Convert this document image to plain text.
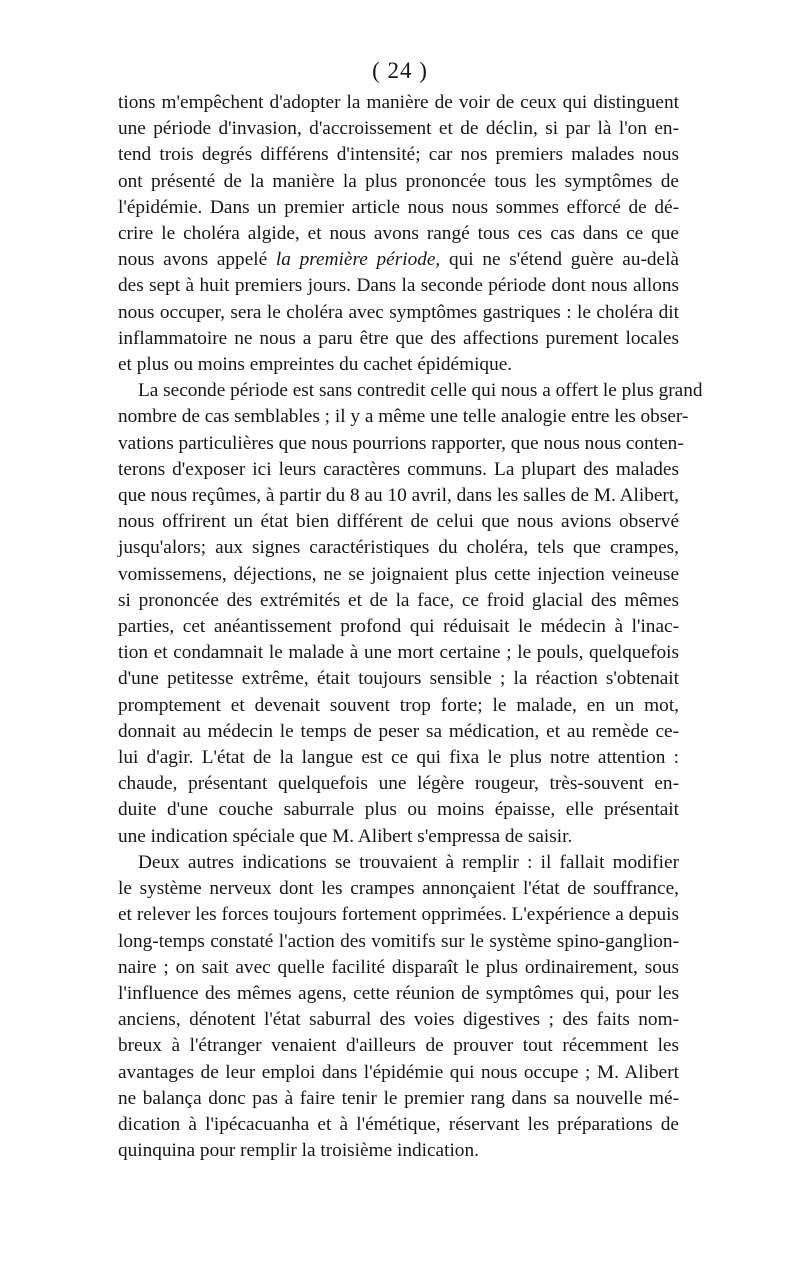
( 24 )
tions m'empêchent d'adopter la manière de voir de ceux qui distinguent
une période d'invasion, d'accroissement et de déclin, si par là l'on en-
tend trois degrés différens d'intensité; car nos premiers malades nous
ont présenté de la manière la plus prononcée tous les symptômes de
l'épidémie. Dans un premier article nous nous sommes efforcé de dé-
crire le choléra algide, et nous avons rangé tous ces cas dans ce que
nous avons appelé la première période, qui ne s'étend guère au-delà
des sept à huit premiers jours. Dans la seconde période dont nous allons
nous occuper, sera le choléra avec symptômes gastriques : le choléra dit
inflammatoire ne nous a paru être que des affections purement locales
et plus ou moins empreintes du cachet épidémique.
La seconde période est sans contredit celle qui nous a offert le plus grand
nombre de cas semblables ; il y a même une telle analogie entre les obser-
vations particulières que nous pourrions rapporter, que nous nous conten-
terons d'exposer ici leurs caractères communs. La plupart des malades
que nous reçûmes, à partir du 8 au 10 avril, dans les salles de M. Alibert,
nous offrirent un état bien différent de celui que nous avions observé
jusqu'alors; aux signes caractéristiques du choléra, tels que crampes,
vomissemens, déjections, ne se joignaient plus cette injection veineuse
si prononcée des extrémités et de la face, ce froid glacial des mêmes
parties, cet anéantissement profond qui réduisait le médecin à l'inac-
tion et condamnait le malade à une mort certaine ; le pouls, quelquefois
d'une petitesse extrême, était toujours sensible ; la réaction s'obtenait
promptement et devenait souvent trop forte; le malade, en un mot,
donnait au médecin le temps de peser sa médication, et au remède ce-
lui d'agir. L'état de la langue est ce qui fixa le plus notre attention :
chaude, présentant quelquefois une légère rougeur, très-souvent en-
duite d'une couche saburrale plus ou moins épaisse, elle présentait
une indication spéciale que M. Alibert s'empressa de saisir.
Deux autres indications se trouvaient à remplir : il fallait modifier
le système nerveux dont les crampes annonçaient l'état de souffrance,
et relever les forces toujours fortement opprimées. L'expérience a depuis
long-temps constaté l'action des vomitifs sur le système spino-ganglion-
naire ; on sait avec quelle facilité disparaît le plus ordinairement, sous
l'influence des mêmes agens, cette réunion de symptômes qui, pour les
anciens, dénotent l'état saburral des voies digestives ; des faits nom-
breux à l'étranger venaient d'ailleurs de prouver tout récemment les
avantages de leur emploi dans l'épidémie qui nous occupe ; M. Alibert
ne balança donc pas à faire tenir le premier rang dans sa nouvelle mé-
dication à l'ipécacuanha et à l'émétique, réservant les préparations de
quinquina pour remplir la troisième indication.
